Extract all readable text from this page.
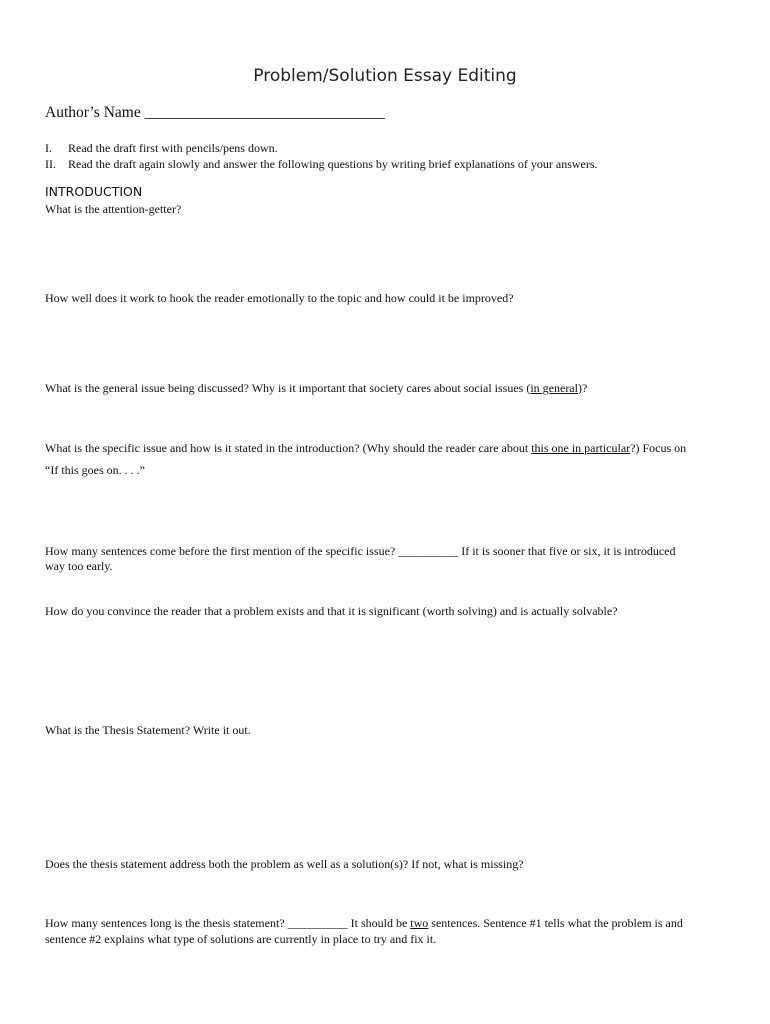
Problem/Solution Essay Editing
Author’s Name _______________________________
I. Read the draft first with pencils/pens down.
II. Read the draft again slowly and answer the following questions by writing brief explanations of your answers.
INTRODUCTION
What is the attention-getter?
How well does it work to hook the reader emotionally to the topic and how could it be improved?
What is the general issue being discussed? Why is it important that society cares about social issues (in general)?
What is the specific issue and how is it stated in the introduction? (Why should the reader care about this one in particular?) Focus on
“If this goes on. . . .”
How many sentences come before the first mention of the specific issue? __________ If it is sooner that five or six, it is introduced
way too early.
How do you convince the reader that a problem exists and that it is significant (worth solving) and is actually solvable?
What is the Thesis Statement? Write it out.
Does the thesis statement address both the problem as well as a solution(s)? If not, what is missing?
How many sentences long is the thesis statement? __________ It should be two sentences. Sentence #1 tells what the problem is and
sentence #2 explains what type of solutions are currently in place to try and fix it.
